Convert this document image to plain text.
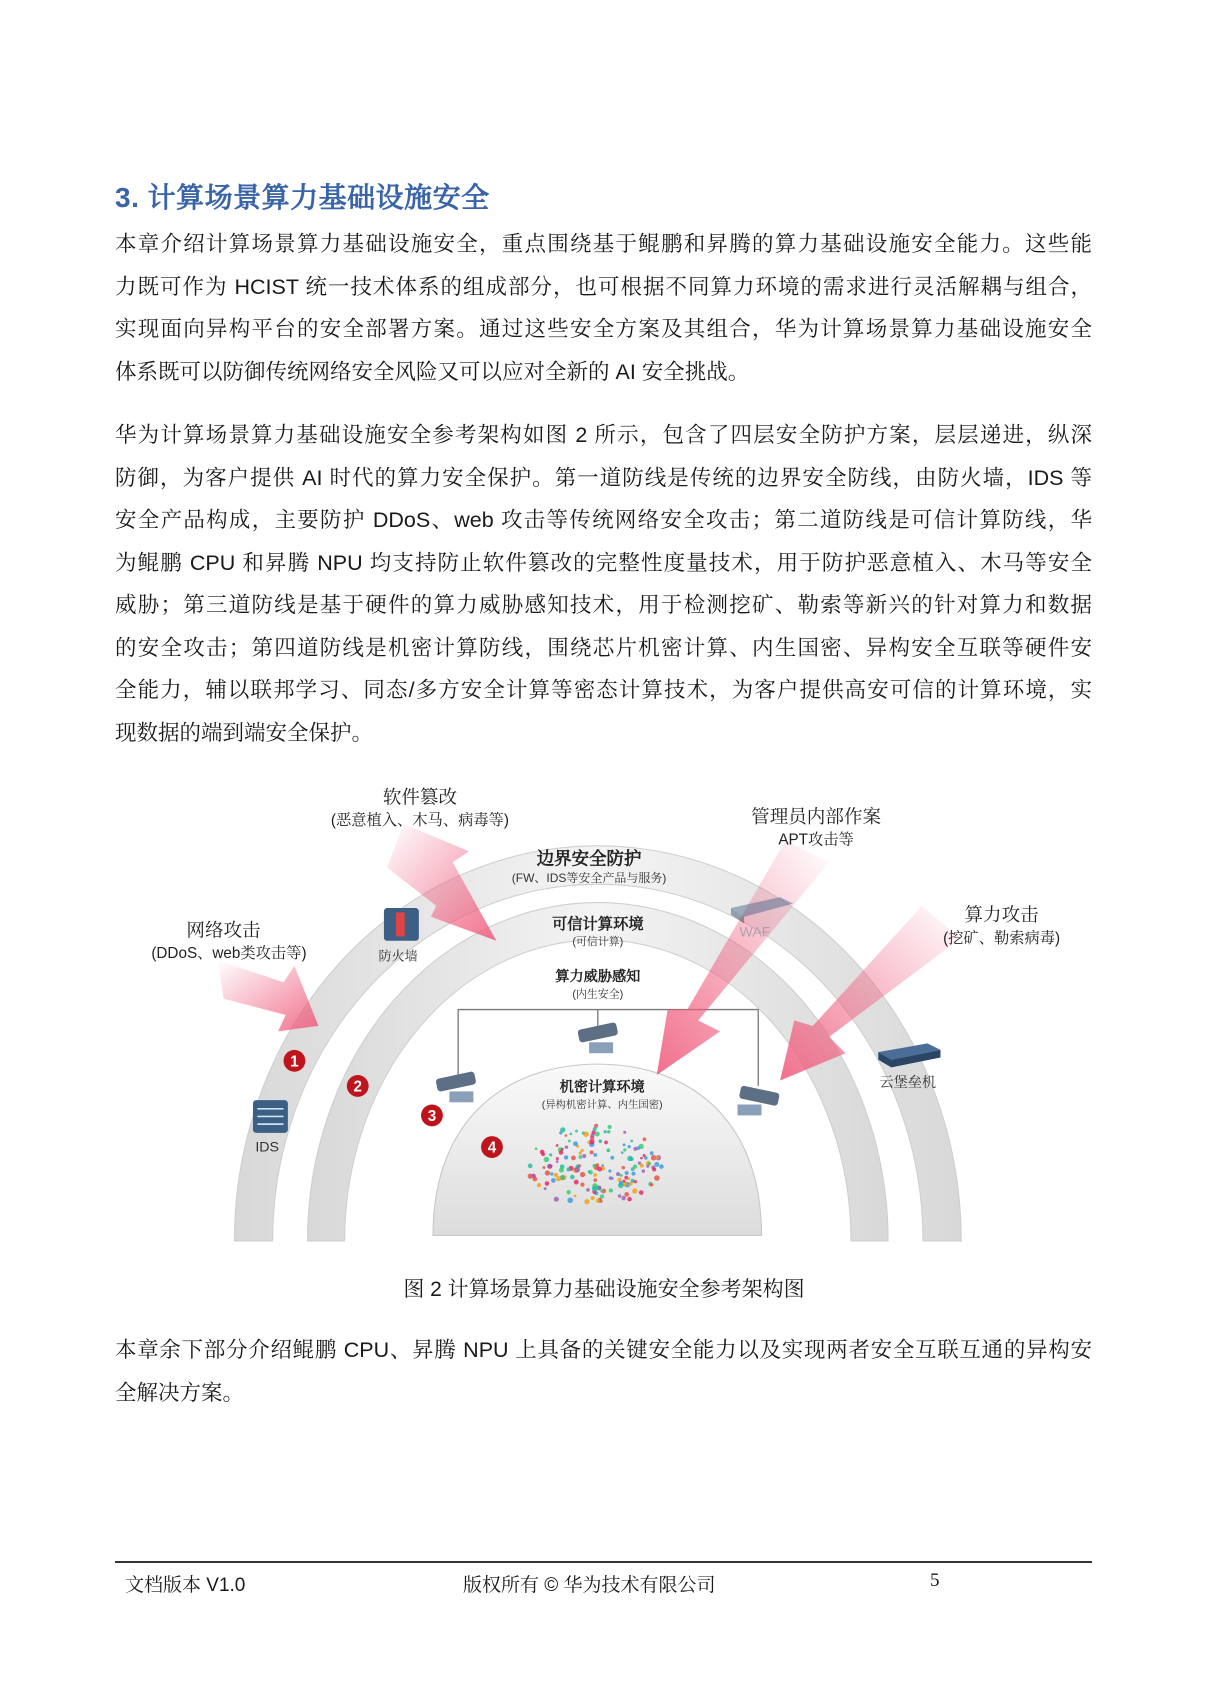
3. 计算场景算力基础设施安全
本章介绍计算场景算力基础设施安全，重点围绕基于鲲鹏和昇腾的算力基础设施安全能力。这些能
力既可作为 HCIST 统一技术体系的组成部分，也可根据不同算力环境的需求进行灵活解耦与组合，
实现面向异构平台的安全部署方案。通过这些安全方案及其组合，华为计算场景算力基础设施安全
体系既可以防御传统网络安全风险又可以应对全新的 AI 安全挑战。
华为计算场景算力基础设施安全参考架构如图 2 所示，包含了四层安全防护方案，层层递进，纵深
防御，为客户提供 AI 时代的算力安全保护。第一道防线是传统的边界安全防线，由防火墙，IDS 等
安全产品构成，主要防护 DDoS、web 攻击等传统网络安全攻击；第二道防线是可信计算防线，华
为鲲鹏 CPU 和昇腾 NPU 均支持防止软件篡改的完整性度量技术，用于防护恶意植入、木马等安全
威胁；第三道防线是基于硬件的算力威胁感知技术，用于检测挖矿、勒索等新兴的针对算力和数据
的安全攻击；第四道防线是机密计算防线，围绕芯片机密计算、内生国密、异构安全互联等硬件安
全能力，辅以联邦学习、同态/多方安全计算等密态计算技术，为客户提供高安可信的计算环境，实
现数据的端到端安全保护。
防火墙
WAF
IDS
云堡垒机
1
2
3
4
软件篡改
(恶意植入、木马、病毒等)	管理员内部作案
APT攻击等
网络攻击
(DDoS、web类攻击等)
算力攻击
(挖矿、勒索病毒)
边界安全防护
(FW、IDS等安全产品与服务)
可信计算环境
(可信计算)
算力威胁感知
(内生安全)
机密计算环境
(异构机密计算、内生国密)
图 2 计算场景算力基础设施安全参考架构图
本章余下部分介绍鲲鹏 CPU、昇腾 NPU 上具备的关键安全能力以及实现两者安全互联互通的异构安
全解决方案。
文档版本 V1.0	版权所有 © 华为技术有限公司	5
